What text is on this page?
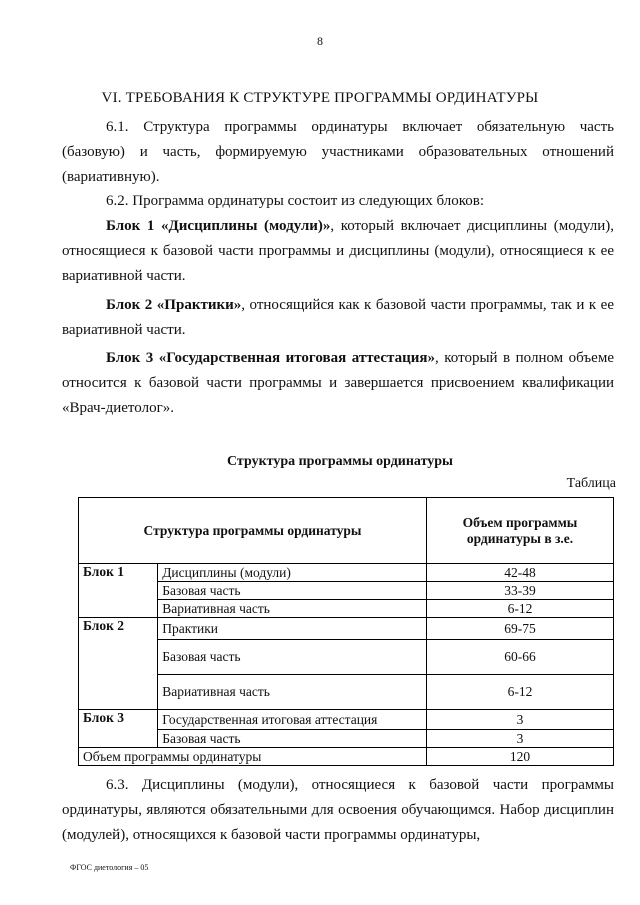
8
VI. ТРЕБОВАНИЯ К СТРУКТУРЕ ПРОГРАММЫ ОРДИНАТУРЫ

6.1. Структура программы ординатуры включает обязательную часть (базовую) и часть, формируемую участниками образовательных отношений (вариативную).

6.2. Программа ординатуры состоит из следующих блоков:

Блок 1 «Дисциплины (модули)», который включает дисциплины (модули), относящиеся к базовой части программы и дисциплины (модули), относящиеся к ее вариативной части.

Блок 2 «Практики», относящийся как к базовой части программы, так и к ее вариативной части.

Блок 3 «Государственная итоговая аттестация», который в полном объеме относится к базовой части программы и завершается присвоением квалификации «Врач-диетолог».

Структура программы ординатуры
Таблица
Структура программы ординатуры		Объем программы ординатуры в з.е.
Блок 1	Дисциплины (модули)	42-48
	Базовая часть	33-39
	Вариативная часть	6-12
Блок 2	Практики	69-75
	Базовая часть	60-66
	Вариативная часть	6-12
Блок 3	Государственная итоговая аттестация	3
	Базовая часть	3
Объем программы ординатуры		120

6.3. Дисциплины (модули), относящиеся к базовой части программы ординатуры, являются обязательными для освоения обучающимся. Набор дисциплин (модулей), относящихся к базовой части программы ординатуры,

ФГОС диетология – 05
